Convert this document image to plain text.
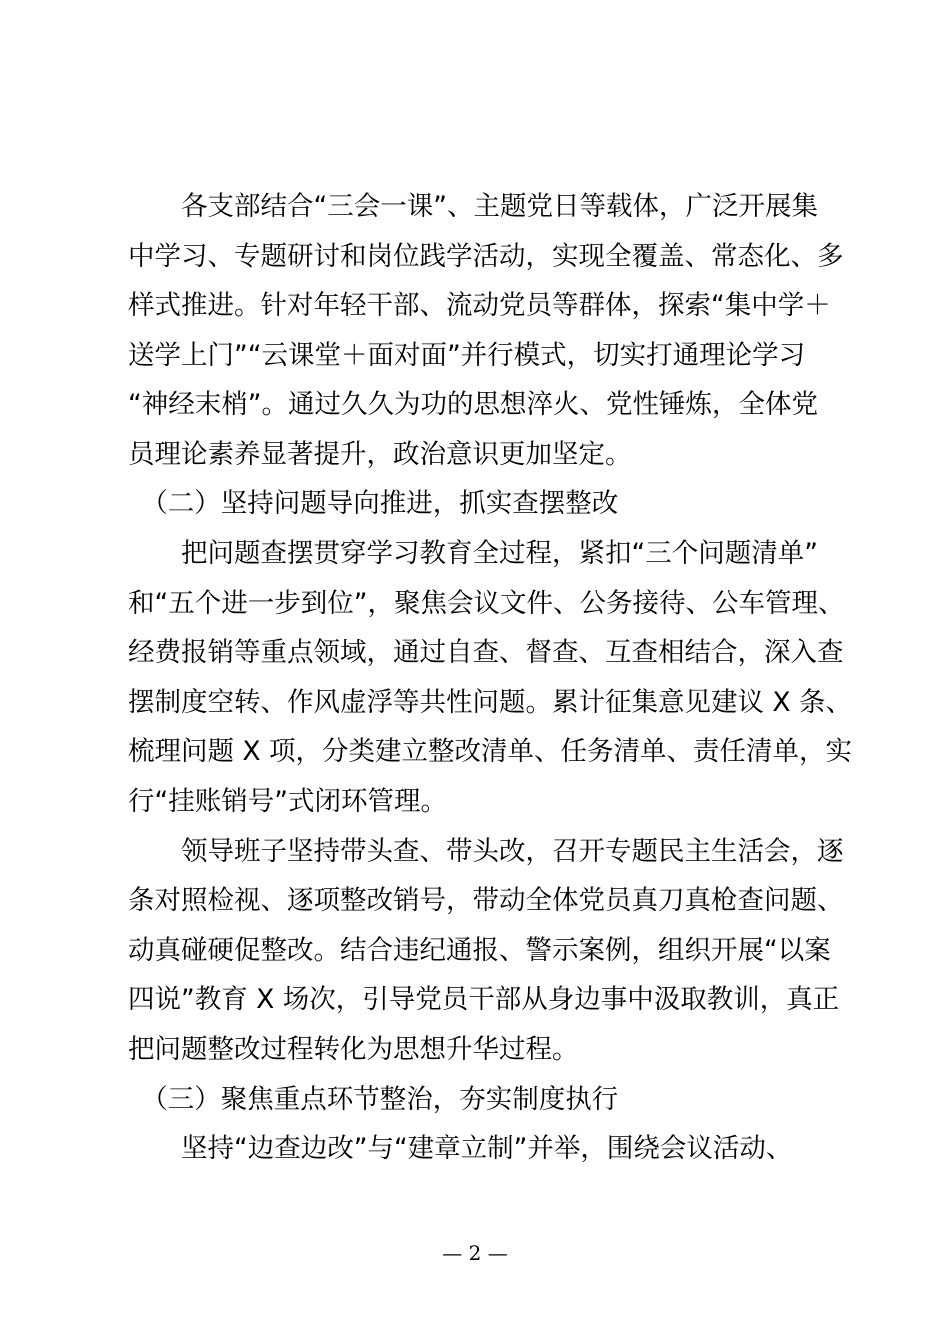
　　各支部结合“三会一课”、主题党日等载体，广泛开展集
中学习、专题研讨和岗位践学活动，实现全覆盖、常态化、多
样式推进。针对年轻干部、流动党员等群体，探索“集中学＋
送学上门”“云课堂＋面对面”并行模式，切实打通理论学习
“神经末梢”。通过久久为功的思想淬火、党性锤炼，全体党
员理论素养显著提升，政治意识更加坚定。
　（二）坚持问题导向推进，抓实查摆整改
　　把问题查摆贯穿学习教育全过程，紧扣“三个问题清单”
和“五个进一步到位”，聚焦会议文件、公务接待、公车管理、
经费报销等重点领域，通过自查、督查、互查相结合，深入查
摆制度空转、作风虚浮等共性问题。累计征集意见建议 X 条、
梳理问题 X 项，分类建立整改清单、任务清单、责任清单，实
行“挂账销号”式闭环管理。
　　领导班子坚持带头查、带头改，召开专题民主生活会，逐
条对照检视、逐项整改销号，带动全体党员真刀真枪查问题、
动真碰硬促整改。结合违纪通报、警示案例，组织开展“以案
四说”教育 X 场次，引导党员干部从身边事中汲取教训，真正
把问题整改过程转化为思想升华过程。
　（三）聚焦重点环节整治，夯实制度执行
　　坚持“边查边改”与“建章立制”并举，围绕会议活动、
— 2 —
